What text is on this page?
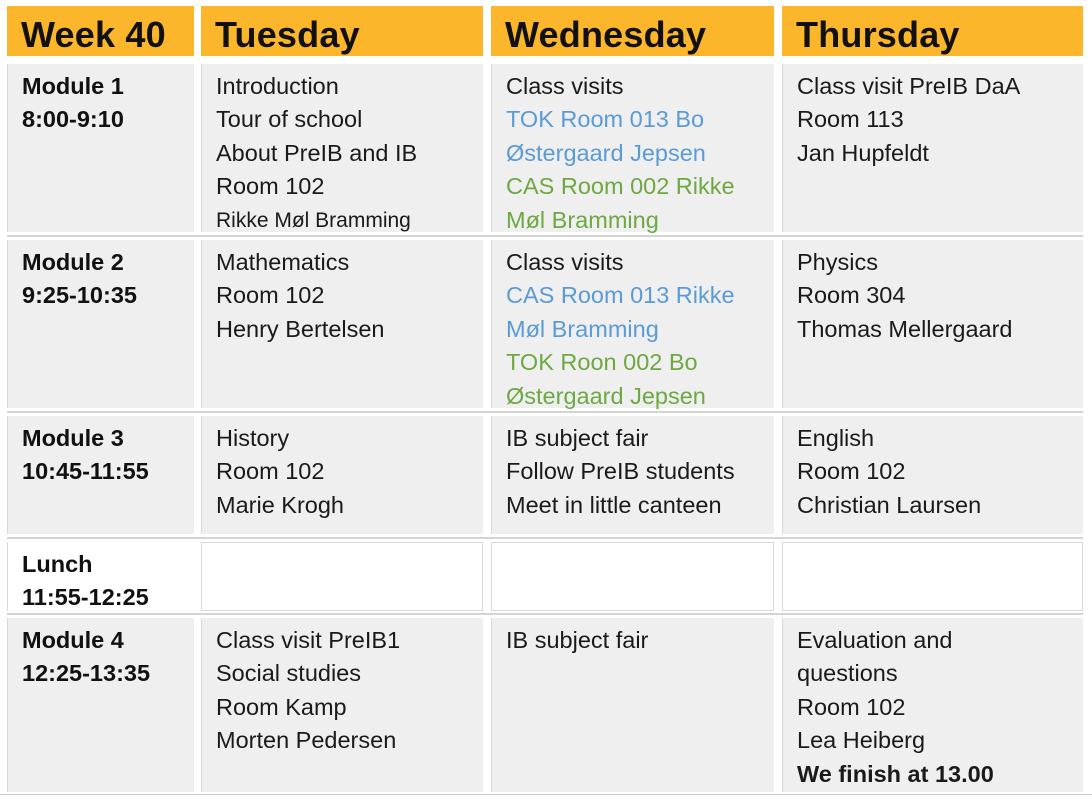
Week 40 Tuesday	Wednesday Thursday
Module 1
8:00-9:10
Introduction
Tour of school
About PreIB and IB
Room 102
Rikke Møl Bramming
Class visits
TOK Room 013 Bo
Østergaard Jepsen
CAS Room 002 Rikke
Møl Bramming
Class visit PreIB DaA
Room 113
Jan Hupfeldt
Module 2
9:25-10:35
Mathematics
Room 102
Henry Bertelsen
Class visits
CAS Room 013 Rikke
Møl Bramming
TOK Roon 002 Bo
Østergaard Jepsen
Physics
Room 304
Thomas Mellergaard
Module 3
10:45-11:55
History
Room 102
Marie Krogh
IB subject fair
Follow PreIB students
Meet in little canteen
English
Room 102
Christian Laursen
Lunch
11:55-12:25
Module 4
12:25-13:35
Class visit PreIB1
Social studies
Room Kamp
Morten Pedersen
IB subject fair	Evaluation and
questions
Room 102
Lea Heiberg
We finish at 13.00
